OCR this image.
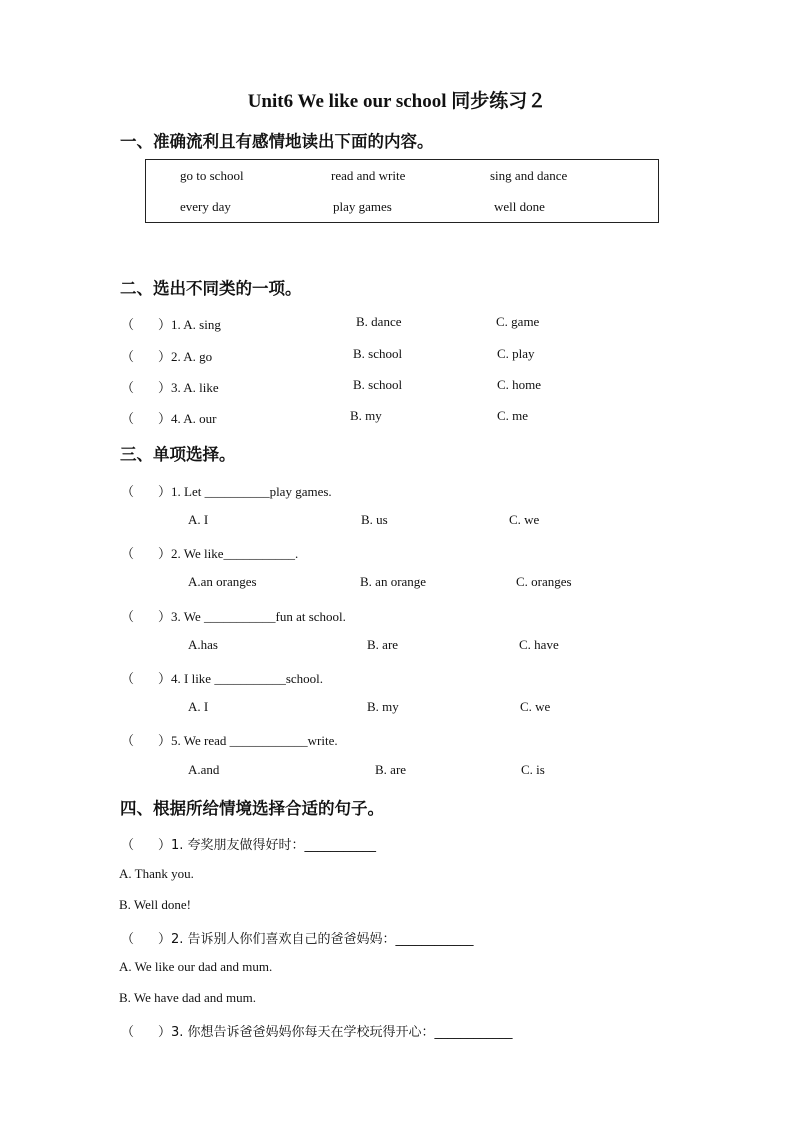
Unit6 We like our school 同步练习２
一、准确流利且有感情地读出下面的内容。
go to school	read and write	sing and dance
every day	play games	well done
二、选出不同类的一项。
（ ）1. A. sing	B. dance	C. game
（ ）2. A. go	B. school	C. play
（ ）3. A. like	B. school	C. home
（ ）4. A. our	B. my	C. me
三、单项选择。
（ ）1. Let __________play games.
A. I	B. us	C. we
（ ）2. We like___________.
A.an oranges	B. an orange	C. oranges
（ ）3. We ___________fun at school.
A.has	B. are	C. have
（ ）4. I like ___________school.
A. I	B. my	C. we
（ ）5. We read ____________write.
A.and	B. are	C. is
四、根据所给情境选择合适的句子。
（ ）1. 夸奖朋友做得好时：___________
A. Thank you.
B. Well done!
（ ）2. 告诉别人你们喜欢自己的爸爸妈妈：____________
A. We like our dad and mum.
B. We have dad and mum.
（ ）3. 你想告诉爸爸妈妈你每天在学校玩得开心：____________
